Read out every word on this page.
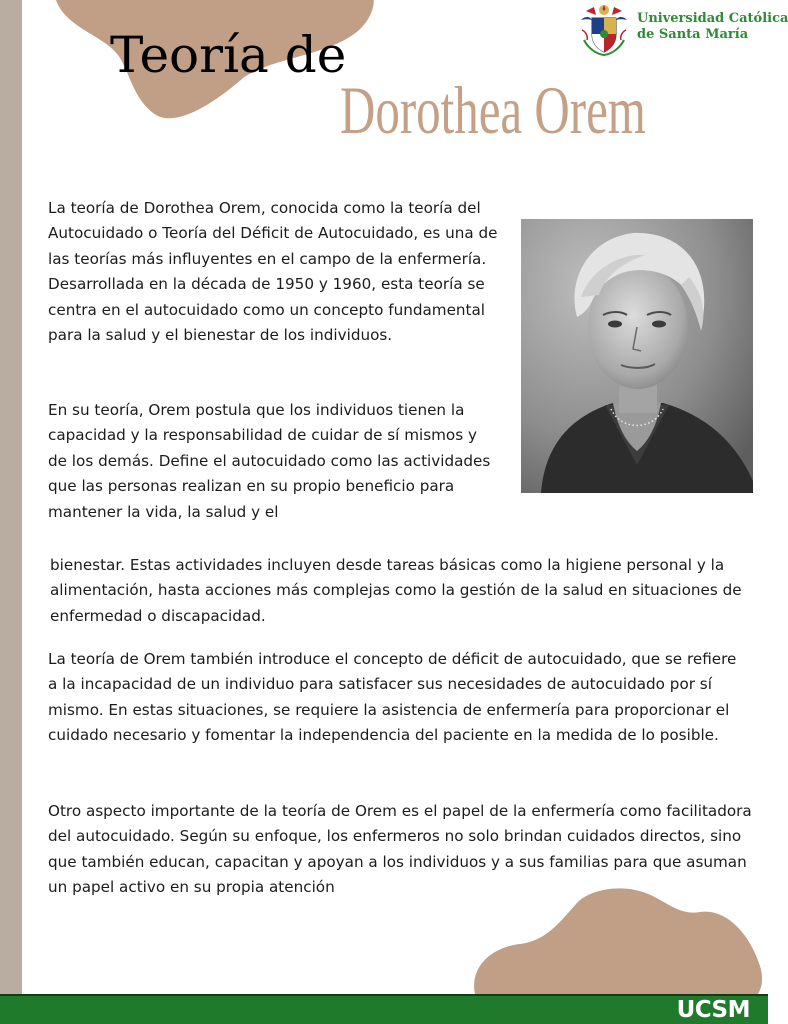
Teoría de
Dorothea Orem
Universidad Católica
de Santa María

La teoría de Dorothea Orem, conocida como la teoría del Autocuidado o Teoría del Déficit de Autocuidado, es una de las teorías más influyentes en el campo de la enfermería. Desarrollada en la década de 1950 y 1960, esta teoría se centra en el autocuidado como un concepto fundamental para la salud y el bienestar de los individuos.

En su teoría, Orem postula que los individuos tienen la capacidad y la responsabilidad de cuidar de sí mismos y de los demás. Define el autocuidado como las actividades que las personas realizan en su propio beneficio para mantener la vida, la salud y el

bienestar. Estas actividades incluyen desde tareas básicas como la higiene personal y la alimentación, hasta acciones más complejas como la gestión de la salud en situaciones de enfermedad o discapacidad.

La teoría de Orem también introduce el concepto de déficit de autocuidado, que se refiere a la incapacidad de un individuo para satisfacer sus necesidades de autocuidado por sí mismo. En estas situaciones, se requiere la asistencia de enfermería para proporcionar el cuidado necesario y fomentar la independencia del paciente en la medida de lo posible.

Otro aspecto importante de la teoría de Orem es el papel de la enfermería como facilitadora del autocuidado. Según su enfoque, los enfermeros no solo brindan cuidados directos, sino que también educan, capacitan y apoyan a los individuos y a sus familias para que asuman un papel activo en su propia atención

UCSM
